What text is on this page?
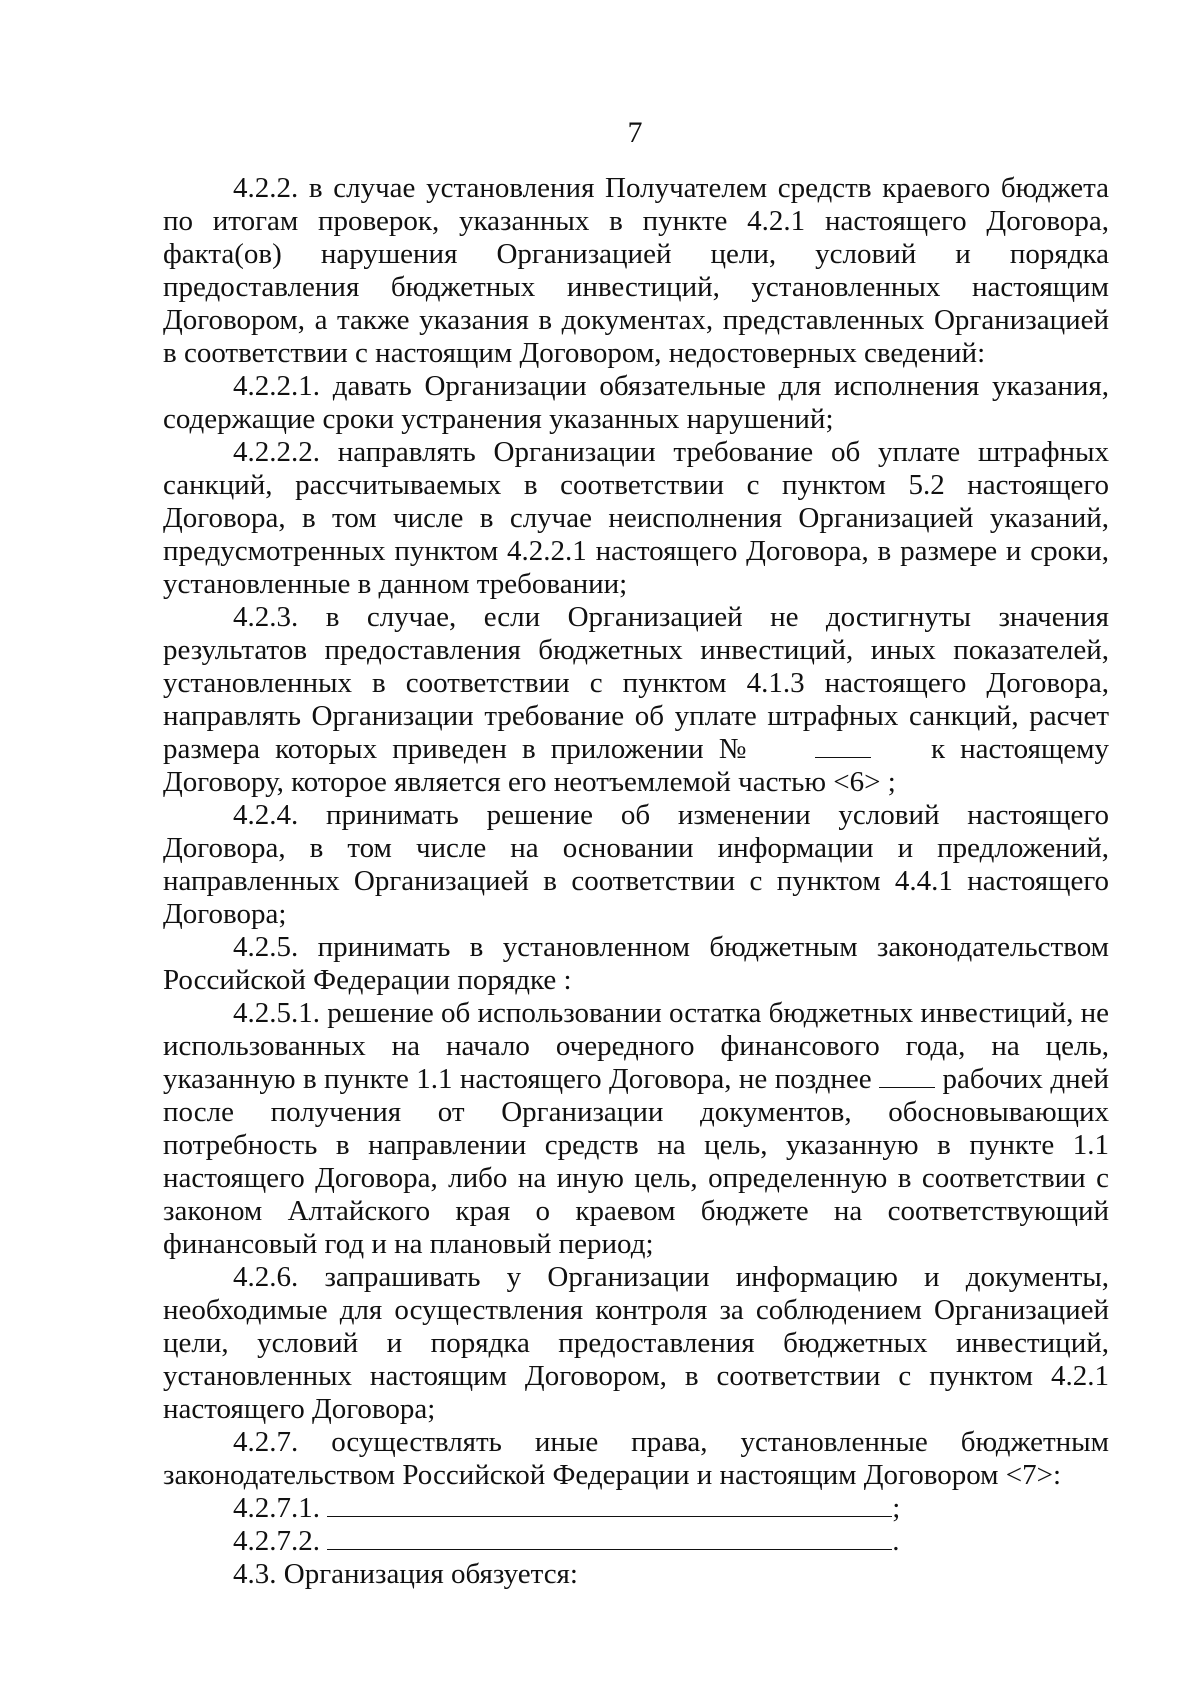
7

4.2.2. в случае установления Получателем средств краевого бюджета по итогам проверок, указанных в пункте 4.2.1 настоящего Договора, факта(ов) нарушения Организацией цели, условий и порядка предоставления бюджетных инвестиций, установленных настоящим Договором, а также указания в документах, представленных Организацией в соответствии с настоящим Договором, недостоверных сведений:

4.2.2.1. давать Организации обязательные для исполнения указания, содержащие сроки устранения указанных нарушений;

4.2.2.2. направлять Организации требование об уплате штрафных санкций, рассчитываемых в соответствии с пунктом 5.2 настоящего Договора, в том числе в случае неисполнения Организацией указаний, предусмотренных пунктом 4.2.2.1 настоящего Договора, в размере и сроки, установленные в данном требовании;

4.2.3. в случае, если Организацией не достигнуты значения результатов предоставления бюджетных инвестиций, иных показателей, установленных в соответствии с пунктом 4.1.3 настоящего Договора, направлять Организации требование об уплате штрафных санкций, расчет размера которых приведен в приложении №	к настоящему Договору, которое является его неотъемлемой частью <6> ;

4.2.4. принимать решение об изменении условий настоящего Договора, в том числе на основании информации и предложений, направленных Организацией в соответствии с пунктом 4.4.1 настоящего Договора;

4.2.5. принимать в установленном бюджетным законодательством Российской Федерации порядке :

4.2.5.1. решение об использовании остатка бюджетных инвестиций, не использованных на начало очередного финансового года, на цель, указанную в пункте 1.1 настоящего Договора, не позднее рабочих дней после получения от Организации документов, обосновывающих потребность в направлении средств на цель, указанную в пункте 1.1 настоящего Договора, либо на иную цель, определенную в соответствии с законом Алтайского края о краевом бюджете на соответствующий финансовый год и на плановый период;

4.2.6. запрашивать у Организации информацию и документы, необходимые для осуществления контроля за соблюдением Организацией цели, условий и порядка предоставления бюджетных инвестиций, установленных настоящим Договором, в соответствии с пунктом 4.2.1 настоящего Договора;

4.2.7. осуществлять иные права, установленные бюджетным законодательством Российской Федерации и настоящим Договором <7>:

4.2.7.1.	;

4.2.7.2.	.

4.3. Организация обязуется:
